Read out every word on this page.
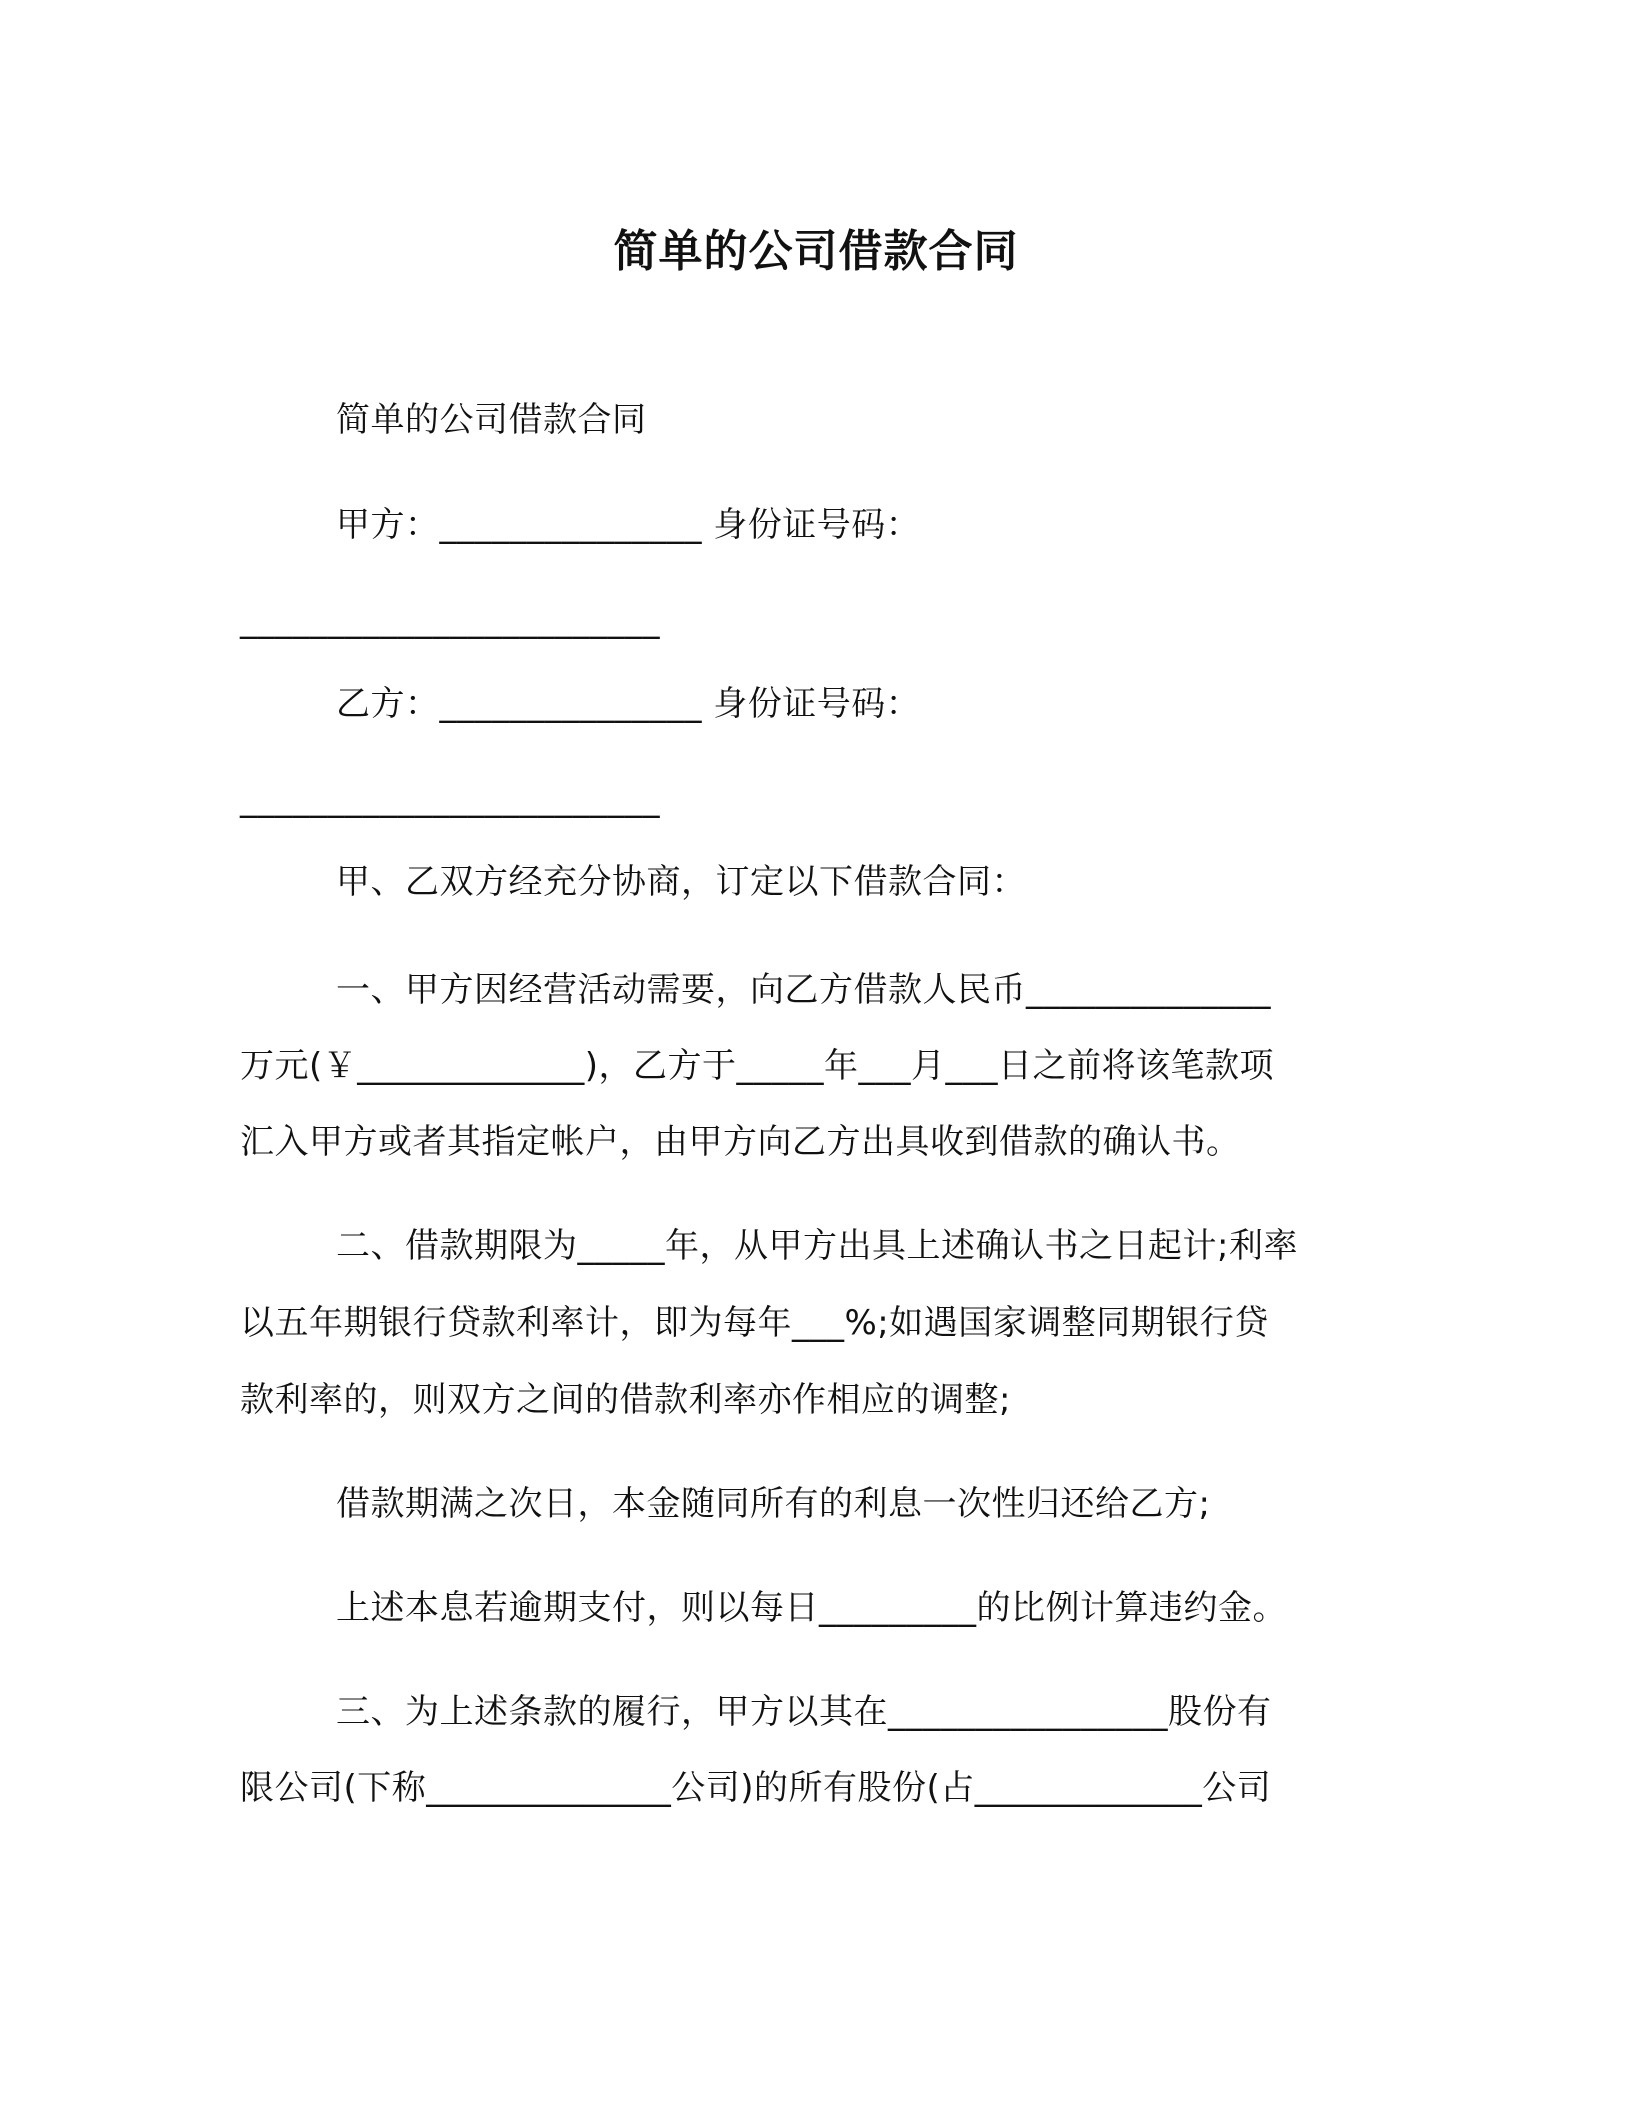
简单的公司借款合同
简单的公司借款合同
甲方：_______________ 身份证号码：
________________________
乙方：_______________ 身份证号码：
________________________
甲、乙双方经充分协商，订定以下借款合同：
一、甲方因经营活动需要，向乙方借款人民币______________
万元(￥_____________)，乙方于_____年___月___日之前将该笔款项
汇入甲方或者其指定帐户，由甲方向乙方出具收到借款的确认书。
二、借款期限为_____年，从甲方出具上述确认书之日起计;利率
以五年期银行贷款利率计，即为每年___%;如遇国家调整同期银行贷
款利率的，则双方之间的借款利率亦作相应的调整;
借款期满之次日，本金随同所有的利息一次性归还给乙方;
上述本息若逾期支付，则以每日_________的比例计算违约金。
三、为上述条款的履行，甲方以其在________________股份有
限公司(下称______________公司)的所有股份(占_____________公司
